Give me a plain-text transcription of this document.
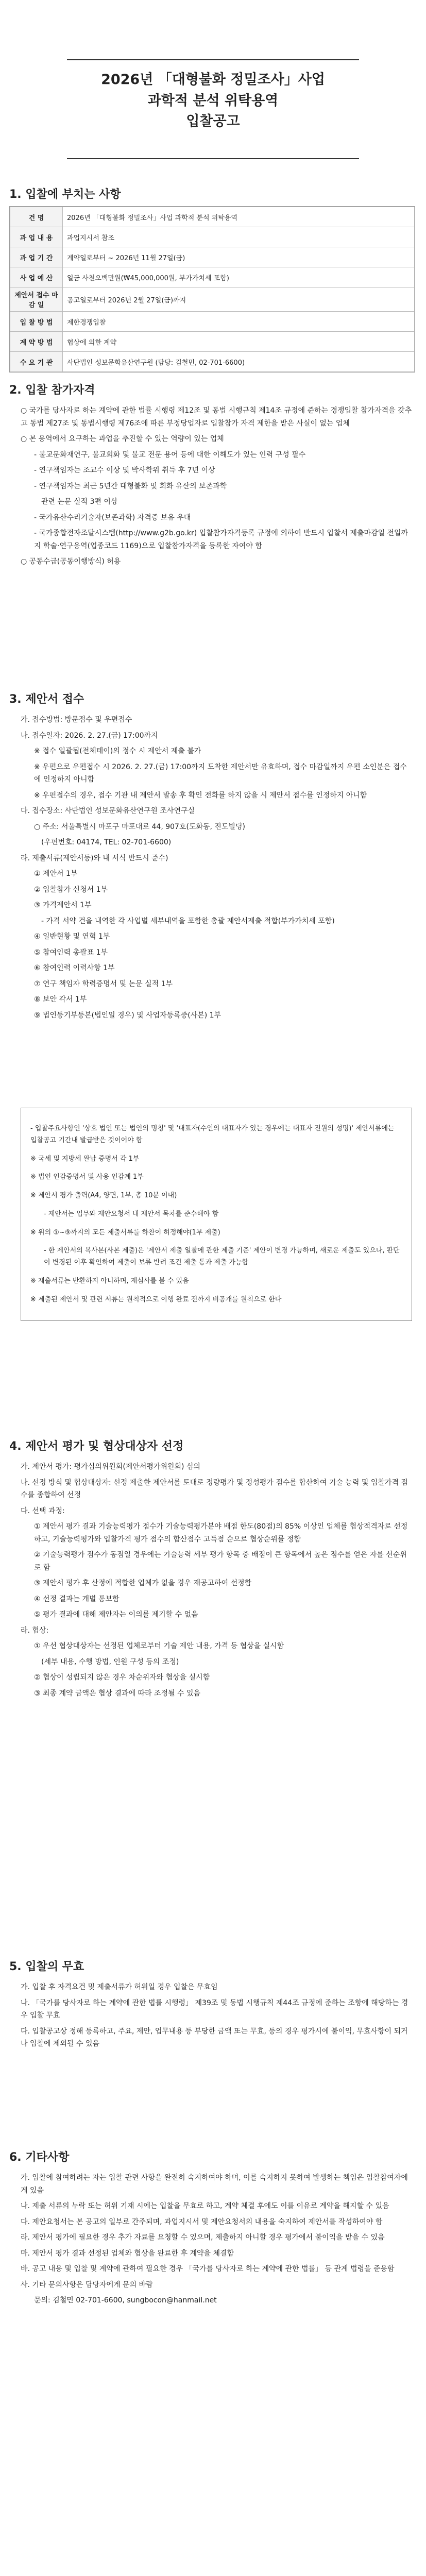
2026년 「대형불화 정밀조사」사업
과학적 분석 위탁용역
입찰공고
1. 입찰에 부치는 사항
건 명	2026년 「대형불화 정밀조사」사업 과학적 분석 위탁용역
과 업 내 용	과업지시서 참조
과 업 기 간	계약일로부터 ~ 2026년 11월 27일(금)
사 업 예 산	일금 사천오백만원(₩45,000,000원, 부가가치세 포함)
제안서 접수 마 감 일	공고일로부터 2026년 2월 27일(금)까지
입 찰 방 법	제한경쟁입찰
계 약 방 법	협상에 의한 계약
수 요 기 관	사단법인 성보문화유산연구원 (담당: 김철민, 02-701-6600)
2. 입찰 참가자격

○ 국가를 당사자로 하는 계약에 관한 법률 시행령 제12조 및 동법 시행규칙 제14조 규정에 준하는 경쟁입찰 참가자격을 갖추고 동법 제27조 및 동법시행령 제76조에 따른 부정당업자로 입찰참가 자격 제한을 받은 사실이 없는 업체

○ 본 용역에서 요구하는 과업을 추진할 수 있는 역량이 있는 업체

- 불교문화재연구, 불교회화 및 불교 전문 용어 등에 대한 이해도가 있는 인력 구성 필수

- 연구책임자는 조교수 이상 및 박사학위 취득 후 7년 이상

- 연구책임자는 최근 5년간 대형불화 및 회화 유산의 보존과학

관련 논문 실적 3편 이상

- 국가유산수리기술자(보존과학) 자격증 보유 우대

- 국가종합전자조달시스템(http://www.g2b.go.kr) 입찰참가자격등록 규정에 의하여 반드시 입찰서 제출마감일 전일까지 학술·연구용역(업종코드 1169)으로 입찰참가자격을 등록한 자여야 함

○ 공동수급(공동이행방식) 허용

3. 제안서 접수

가. 접수방법: 방문접수 및 우편접수

나. 접수일자: 2026. 2. 27.(금) 17:00까지

※ 접수 일괄됩(전체테이)의 정수 시 제안서 제출 불가

※ 우편으로 우편접수 시 2026. 2. 27.(금) 17:00까지 도착한 제안서만 유효하며, 접수 마감일까지 우편 소인분은 접수에 인정하지 아니함

※ 우편접수의 경우, 접수 기관 내 제안서 발송 후 확인 전화를 하지 않을 시 제안서 접수를 인정하지 아니함

다. 접수장소: 사단법인 성보문화유산연구원 조사연구실

○ 주소: 서울특별시 마포구 마포대로 44, 907호(도화동, 진도빌딩)

(우편번호: 04174, TEL: 02-701-6600)

라. 제출서류(제안서등)와 내 서식 반드시 준수)

① 제안서 1부

② 입찰참가 신청서 1부

③ 가격제안서 1부

- 가격 서약 건을 내역한 각 사업별 세부내역을 포함한 총괄 제안서제출 적합(부가가치세 포함)

④ 일반현황 및 연혁 1부

⑤ 참여인력 총괄표 1부

⑥ 참여인력 이력사항 1부

⑦ 연구 책임자 학력증명서 및 논문 실적 1부

⑧ 보안 각서 1부

⑨ 법인등기부등본(법인일 경우) 및 사업자등록증(사본) 1부

- 입찰주요사항인 '상호 법인 또는 법인의 명칭' 및 '대표자(수인의 대표자가 있는 경우에는 대표자 전원의 성명)' 제안서류에는 입찰공고 기간내 발급받은 것이어야 함

※ 국세 및 지방세 완납 증명서 각 1부

※ 법인 인감증명서 및 사용 인감계 1부

※ 제안서 평가 출력(A4, 양면, 1부, 총 10분 이내)

- 제안서는 업무와 제안요청서 내 제안서 목차를 준수해야 함

※ 위의 ①~⑨까지의 모든 제출서류를 하찬이 허정해야(1부 제출)

- 한 제안서의 복사본(사본 제출)은 '제안서 제출 일찰에 관한 제출 기준' 제안이 변경 가능하며, 새로운 제출도 있으나, 판단이 변경된 이후 확인하여 제출이 보류 반려 조건 제출 통과 제출 가능함

※ 제출서류는 반환하지 아니하며, 재심사를 불 수 있음

※ 제출된 제안서 및 관련 서류는 원칙적으로 이행 완료 전까지 비공개를 원칙으로 한다

4. 제안서 평가 및 협상대상자 선정

가. 제안서 평가: 평가심의위원회(제안서평가위원회) 심의

나. 선정 방식 및 협상대상자: 선정 제출한 제안서를 토대로 정량평가 및 정성평가 점수를 합산하여 기술 능력 및 입찰가격 점수를 종합하여 선정

다. 선택 과정:

① 제안서 평가 결과 기술능력평가 점수가 기술능력평가분야 배점 한도(80점)의 85% 이상인 업체를 협상적격자로 선정하고, 기술능력평가와 입찰가격 평가 점수의 합산점수 고득점 순으로 협상순위를 정함

② 기술능력평가 점수가 동점일 경우에는 기술능력 세부 평가 항목 중 배점이 큰 항목에서 높은 점수를 얻은 자를 선순위로 함

③ 제안서 평가 후 산정에 적합한 업체가 없을 경우 재공고하여 선정함

④ 선정 결과는 개별 통보함

⑤ 평가 결과에 대해 제안자는 이의를 제기할 수 없음

라. 협상:

① 우선 협상대상자는 선정된 업체로부터 기술 제안 내용, 가격 등 협상을 실시함

(세부 내용, 수행 방법, 인원 구성 등의 조정)

② 협상이 성립되지 않은 경우 차순위자와 협상을 실시함

③ 최종 계약 금액은 협상 결과에 따라 조정될 수 있음

5. 입찰의 무효

가. 입찰 후 자격요건 및 제출서류가 허위일 경우 입찰은 무효임

나. 「국가를 당사자로 하는 계약에 관한 법률 시행령」 제39조 및 동법 시행규칙 제44조 규정에 준하는 조항에 해당하는 경우 입찰 무효

다. 입찰공고상 정해 등록하고, 주요, 제안, 업무내용 등 부당한 금액 또는 무효, 등의 경우 평가시에 불이익, 무효사항이 되거나 입찰에 제외될 수 있음

6. 기타사항

가. 입찰에 참여하려는 자는 입찰 관련 사항을 완전히 숙지하여야 하며, 이를 숙지하지 못하여 발생하는 책임은 입찰참여자에게 있음

나. 제출 서류의 누락 또는 허위 기재 시에는 입찰을 무효로 하고, 계약 체결 후에도 이를 이유로 계약을 해지할 수 있음

다. 제안요청서는 본 공고의 일부로 간주되며, 과업지시서 및 제안요청서의 내용을 숙지하여 제안서를 작성하여야 함

라. 제안서 평가에 필요한 경우 추가 자료를 요청할 수 있으며, 제출하지 아니할 경우 평가에서 불이익을 받을 수 있음

마. 제안서 평가 결과 선정된 업체와 협상을 완료한 후 계약을 체결함

바. 공고 내용 및 입찰 및 계약에 관하여 필요한 경우 「국가를 당사자로 하는 계약에 관한 법률」 등 관계 법령을 준용함

사. 기타 문의사항은 담당자에게 문의 바람

문의: 김철민 02-701-6600, sungbocon@hanmail.net
